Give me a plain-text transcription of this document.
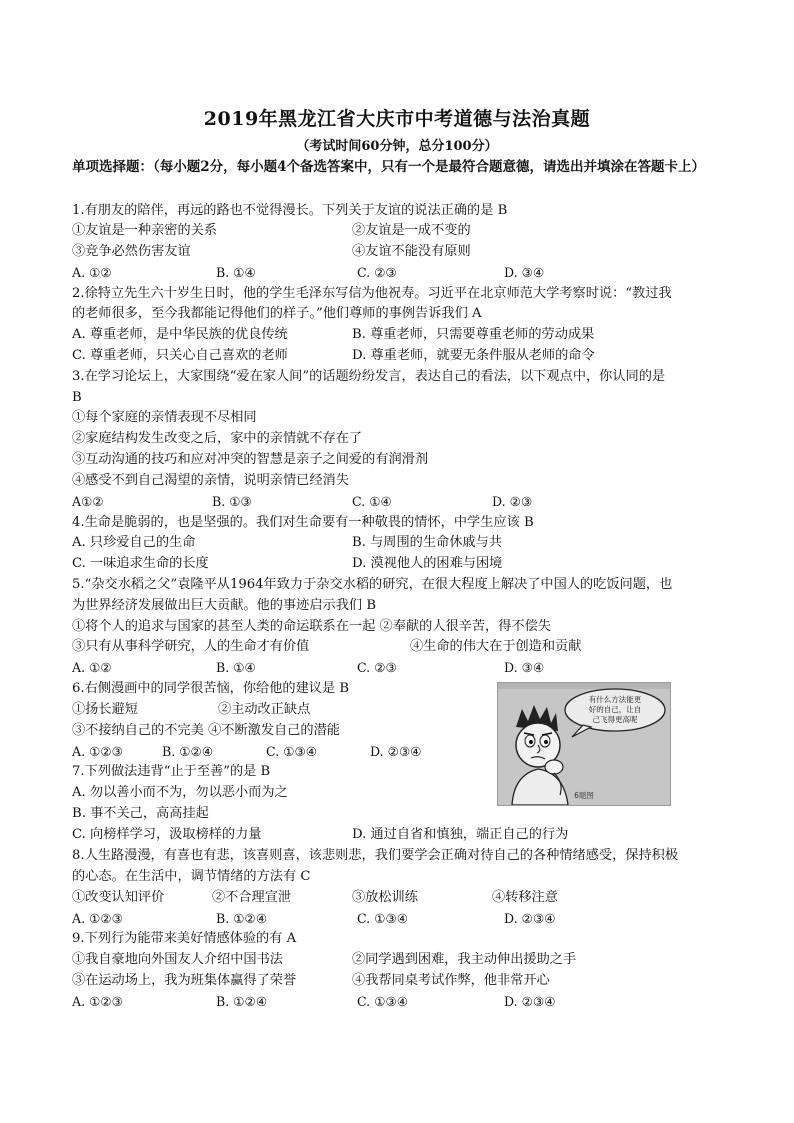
2019年黑龙江省大庆市中考道德与法治真题
（考试时间60分钟，总分100分）
单项选择题：（每小题2分，每小题4个备选答案中，只有一个是最符合题意德，请选出并填涂在答题卡上）
1.有朋友的陪伴，再远的路也不觉得漫长。下列关于友谊的说法正确的是 B
①友谊是一种亲密的关系	②友谊是一成不变的
③竞争必然伤害友谊	④友谊不能没有原则
A. ①②	B. ①④	C. ②③	D. ③④
2.徐特立先生六十岁生日时，他的学生毛泽东写信为他祝寿。习近平在北京师范大学考察时说：“教过我
的老师很多，至今我都能记得他们的样子。”他们尊师的事例告诉我们 A
A. 尊重老师，是中华民族的优良传统	B. 尊重老师，只需要尊重老师的劳动成果
C. 尊重老师，只关心自己喜欢的老师	D. 尊重老师，就要无条件服从老师的命令
3.在学习论坛上，大家围绕“爱在家人间”的话题纷纷发言，表达自己的看法，以下观点中，你认同的是
B
①每个家庭的亲情表现不尽相同
②家庭结构发生改变之后，家中的亲情就不存在了
③互动沟通的技巧和应对冲突的智慧是亲子之间爱的有润滑剂
④感受不到自己渴望的亲情，说明亲情已经消失
A①②	B. ①③	C. ①④	D. ②③
4.生命是脆弱的，也是坚强的。我们对生命要有一种敬畏的情怀，中学生应该 B
A. 只珍爱自己的生命	B. 与周围的生命休戚与共
C. 一味追求生命的长度	D. 漠视他人的困难与困境
5.“杂交水稻之父”袁隆平从1964年致力于杂交水稻的研究，在很大程度上解决了中国人的吃饭问题，也
为世界经济发展做出巨大贡献。他的事迹启示我们 B
①将个人的追求与国家的甚至人类的命运联系在一起 ②奉献的人很辛苦，得不偿失
③只有从事科学研究，人的生命才有价值	④生命的伟大在于创造和贡献
A. ①②	B. ①④	C. ②③	D. ③④
6.右侧漫画中的同学很苦恼，你给他的建议是 B
①扬长避短	②主动改正缺点
③不接纳自己的不完美 ④不断激发自己的潜能
A. ①②③	B. ①②④	C. ①③④	D. ②③④
有什么方法能更
好的自己，让自
己飞得更高呢
6题图
7.下列做法违背“止于至善”的是 B
A. 勿以善小而不为，勿以恶小而为之
B. 事不关己，高高挂起
C. 向榜样学习，汲取榜样的力量	D. 通过自省和慎独，端正自己的行为
8.人生路漫漫，有喜也有悲，该喜则喜，该悲则悲，我们要学会正确对待自己的各种情绪感受，保持积极
的心态。在生活中，调节情绪的方法有 C
①改变认知评价	②不合理宣泄	③放松训练	④转移注意
A. ①②③	B. ①②④	C. ①③④	D. ②③④
9.下列行为能带来美好情感体验的有 A
①我自豪地向外国友人介绍中国书法	②同学遇到困难，我主动伸出援助之手
③在运动场上，我为班集体赢得了荣誉	④我帮同桌考试作弊，他非常开心
A. ①②③	B. ①②④	C. ①③④	D. ②③④
